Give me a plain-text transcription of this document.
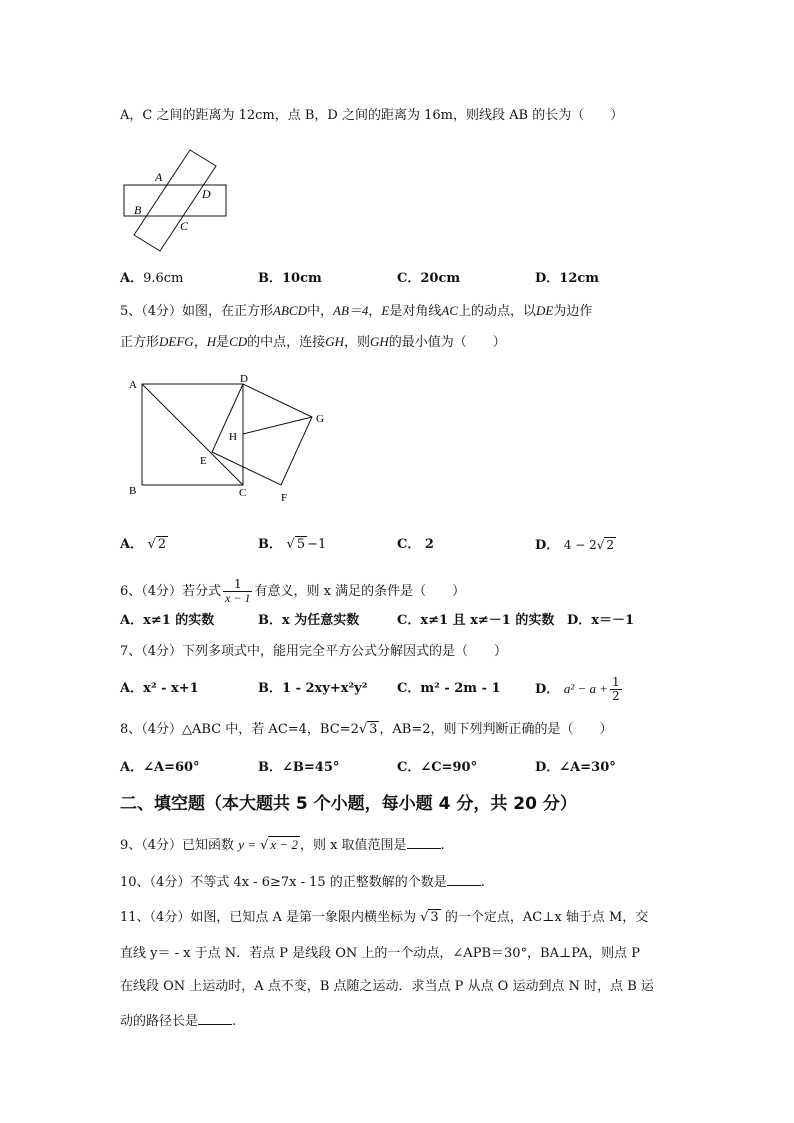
A，C 之间的距离为 12cm，点 B，D 之间的距离为 16m，则线段 AB 的长为（　　）
A
D
B
C
A．9.6cm	B．10cm	C．20cm	D．12cm
5、（4分）如图，在正方形ABCD中，AB＝4，E是对角线AC上的动点，以DE为边作
正方形DEFG，H是CD的中点，连接GH，则GH的最小值为（　　）
A	D
G
H
E
B	C	F
A． √ 2	B． √ 5 −1	C． 2	D． 4 − 2√ 2
6、（4分）若分式 $\frac{1}{x - 1}$ 有意义，则 x 满足的条件是（　　）
A．x≠1 的实数	B．x 为任意实数	C．x≠1 且 x≠－1 的实数 D．x＝－1
7、（4分）下列多项式中，能用完全平方公式分解因式的是（　　）
A．x² - x+1	B．1 - 2xy+x²y² C．m² - 2m - 1	D． $a^2 - a + \frac{1}{2}$
8、（4分）△ABC 中，若 AC=4，BC=2√ 3 ，AB=2，则下列判断正确的是（　　）
A．∠A=60°	B．∠B=45°	C．∠C=90°	D．∠A=30°
二、填空题（本大题共 5 个小题，每小题 4 分，共 20 分）
9、（4分）已知函数 y = √ x − 2 ，则 x 取值范围是	.
10、（4分）不等式 4x - 6≥7x - 15 的正整数解的个数是	.
11、（4分）如图，已知点 A 是第一象限内横坐标为 √ 3 的一个定点，AC⊥x 轴于点 M，交
直线 y＝ - x 于点 N．若点 P 是线段 ON 上的一个动点，∠APB＝30°，BA⊥PA，则点 P
在线段 ON 上运动时，A 点不变，B 点随之运动．求当点 P 从点 O 运动到点 N 时，点 B 运
动的路径长是	.
